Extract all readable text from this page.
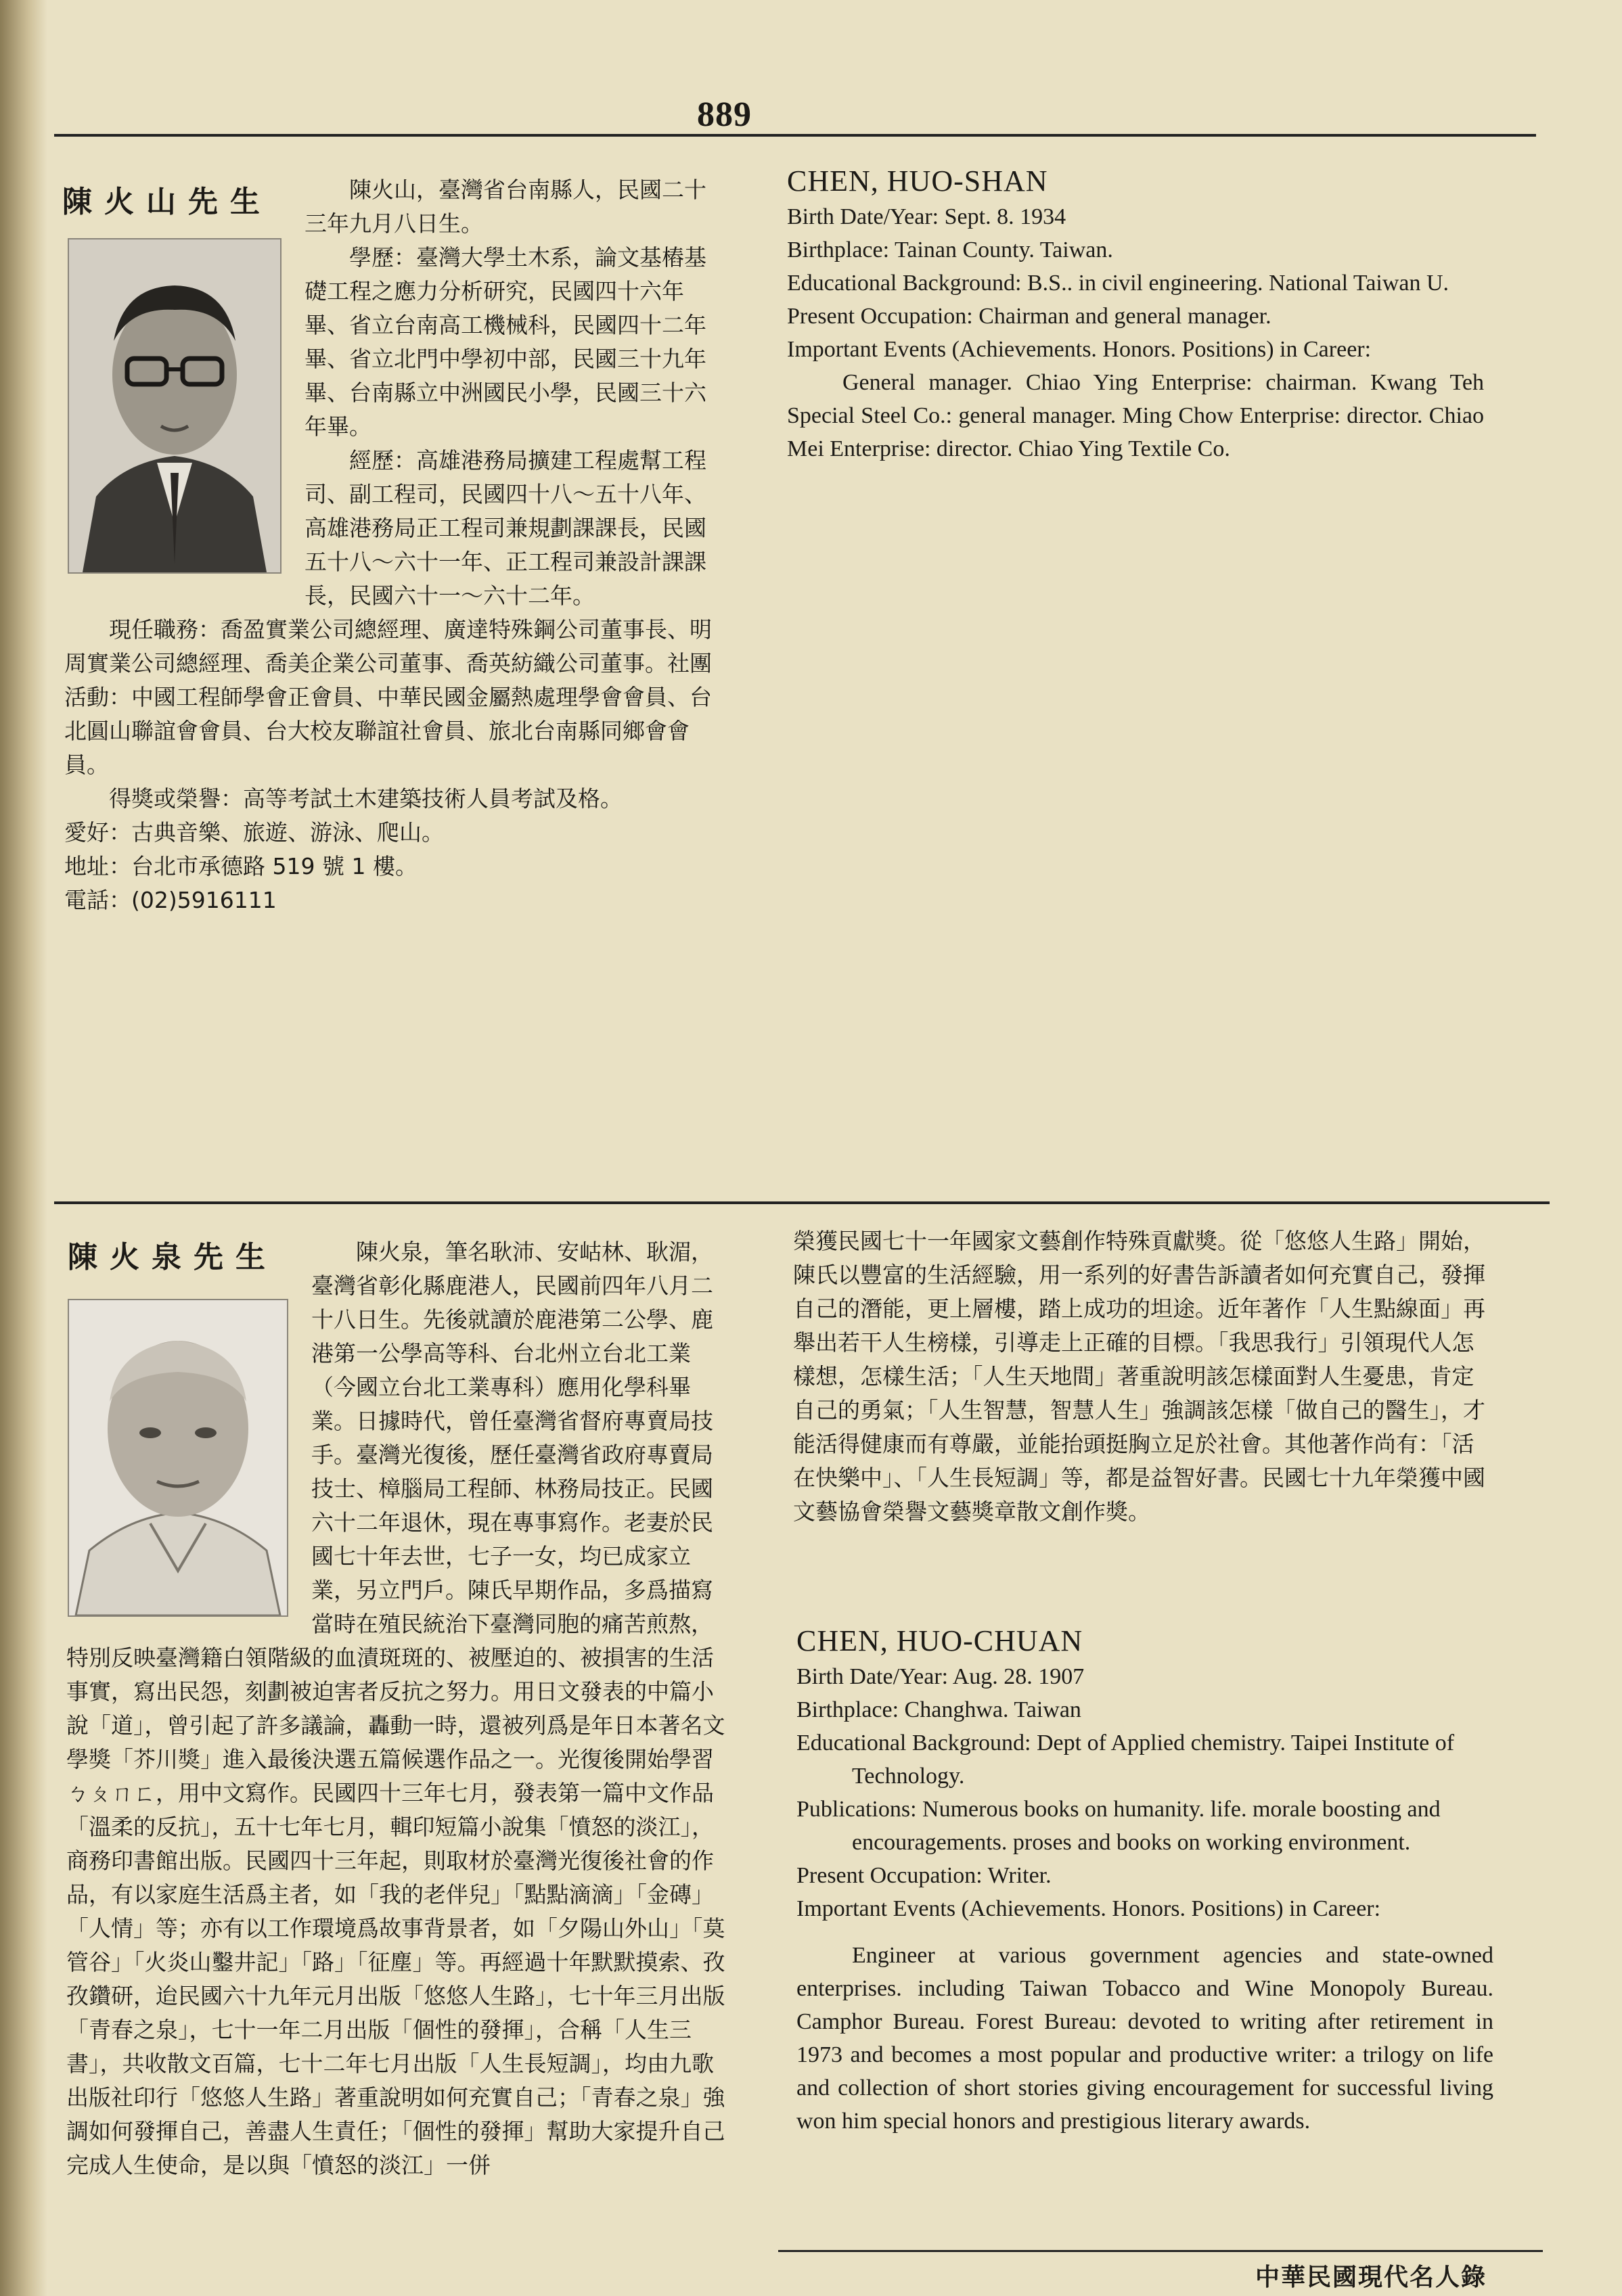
889
陳火山先生	陳火山，臺灣省台南縣人，民國二十三年九月八日生。

學歷：臺灣大學土木系，論文基樁基礎工程之應力分析研究，民國四十六年畢、省立台南高工機械科，民國四十二年畢、省立北門中學初中部，民國三十九年畢、台南縣立中洲國民小學，民國三十六年畢。

經歷：高雄港務局擴建工程處幫工程司、副工程司，民國四十八～五十八年、高雄港務局正工程司兼規劃課課長，民國五十八～六十一年、正工程司兼設計課課長，民國六十一～六十二年。

現任職務：喬盈實業公司總經理、廣達特殊鋼公司董事長、明周實業公司總經理、喬美企業公司董事、喬英紡織公司董事。社團活動：中國工程師學會正會員、中華民國金屬熱處理學會會員、台北圓山聯誼會會員、台大校友聯誼社會員、旅北台南縣同鄉會會員。

得獎或榮譽：高等考試土木建築技術人員考試及格。

愛好：古典音樂、旅遊、游泳、爬山。

地址：台北市承德路 519 號 1 樓。

電話：(02)5916111

CHEN, HUO-SHAN

Birth Date/Year: Sept. 8. 1934

Birthplace: Tainan County. Taiwan.

Educational Background: B.S.. in civil engineering. National Taiwan U.

Present Occupation: Chairman and general manager.

Important Events (Achievements. Honors. Positions) in Career:

General manager. Chiao Ying Enterprise: chairman. Kwang Teh Special Steel Co.: general manager. Ming Chow Enterprise: director. Chiao Mei Enterprise: director. Chiao Ying Textile Co.

陳火泉先生	陳火泉，筆名耿沛、安岵林、耿湄，臺灣省彰化縣鹿港人，民國前四年八月二十八日生。先後就讀於鹿港第二公學、鹿港第一公學高等科、台北州立台北工業（今國立台北工業專科）應用化學科畢業。日據時代，曾任臺灣省督府專賣局技手。臺灣光復後，歷任臺灣省政府專賣局技士、樟腦局工程師、林務局技正。民國六十二年退休，現在專事寫作。老妻於民國七十年去世，七子一女，均已成家立業，另立門戶。陳氏早期作品，多爲描寫當時在殖民統治下臺灣同胞的痛苦煎熬，特別反映臺灣籍白領階級的血漬斑斑的、被壓迫的、被損害的生活事實，寫出民怨，刻劃被迫害者反抗之努力。用日文發表的中篇小說「道」，曾引起了許多議論，轟動一時，還被列爲是年日本著名文學獎「芥川獎」進入最後決選五篇候選作品之一。光復後開始學習ㄅㄆㄇㄈ，用中文寫作。民國四十三年七月，發表第一篇中文作品「溫柔的反抗」，五十七年七月，輯印短篇小說集「憤怒的淡江」，商務印書館出版。民國四十三年起，則取材於臺灣光復後社會的作品，有以家庭生活爲主者，如「我的老伴兒」「點點滴滴」「金磚」「人情」等；亦有以工作環境爲故事背景者，如「夕陽山外山」「莫管谷」「火炎山鑿井記」「路」「征塵」等。再經過十年默默摸索、孜孜鑽研，迨民國六十九年元月出版「悠悠人生路」，七十年三月出版「青春之泉」，七十一年二月出版「個性的發揮」，合稱「人生三書」，共收散文百篇，七十二年七月出版「人生長短調」，均由九歌出版社印行「悠悠人生路」著重說明如何充實自己；「青春之泉」強調如何發揮自己，善盡人生責任；「個性的發揮」幫助大家提升自己完成人生使命，是以與「憤怒的淡江」一併

榮獲民國七十一年國家文藝創作特殊貢獻獎。從「悠悠人生路」開始，陳氏以豐富的生活經驗，用一系列的好書告訴讀者如何充實自己，發揮自己的潛能，更上層樓，踏上成功的坦途。近年著作「人生點線面」再舉出若干人生榜樣，引導走上正確的目標。「我思我行」引領現代人怎樣想，怎樣生活；「人生天地間」著重說明該怎樣面對人生憂患，肯定自己的勇氣；「人生智慧，智慧人生」強調該怎樣「做自己的醫生」，才能活得健康而有尊嚴，並能抬頭挺胸立足於社會。其他著作尚有：「活在快樂中」、「人生長短調」等，都是益智好書。民國七十九年榮獲中國文藝協會榮譽文藝獎章散文創作獎。

CHEN, HUO-CHUAN

Birth Date/Year: Aug. 28. 1907

Birthplace: Changhwa. Taiwan

Educational Background: Dept of Applied chemistry. Taipei Institute of Technology.

Publications: Numerous books on humanity. life. morale boosting and encouragements. proses and books on working environment.

Present Occupation: Writer.

Important Events (Achievements. Honors. Positions) in Career:

Engineer at various government agencies and state-owned enterprises. including Taiwan Tobacco and Wine Monopoly Bureau. Camphor Bureau. Forest Bureau: devoted to writing after retirement in 1973 and becomes a most popular and productive writer: a trilogy on life and collection of short stories giving encouragement for successful living won him special honors and prestigious literary awards.

中華民國現代名人錄
